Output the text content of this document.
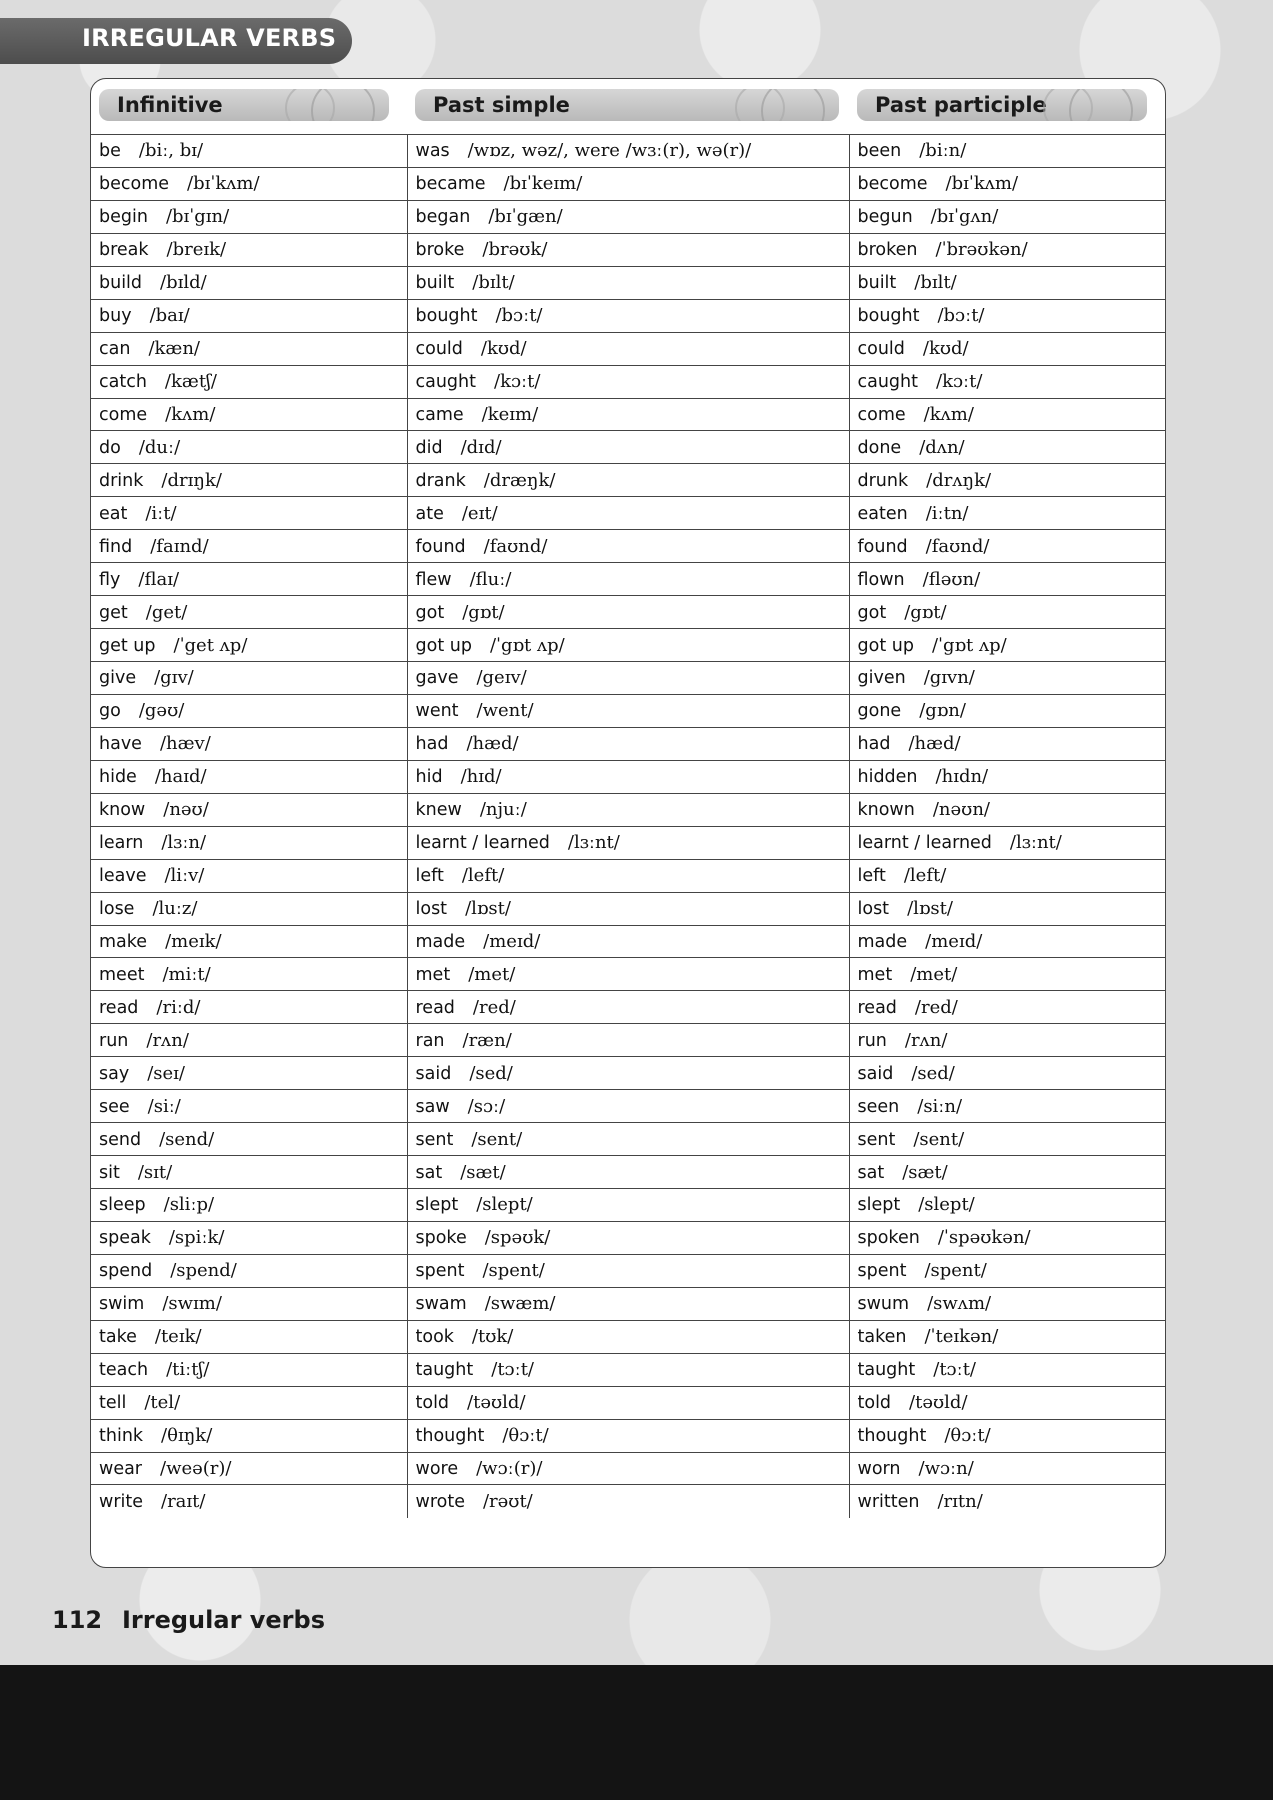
IRREGULAR VERBS
Infinitive	Past simple	Past participle
be /biː, bɪ/	was /wɒz, wəz/, were /wɜː(r), wə(r)/	been /biːn/
become /bɪˈkʌm/	became /bɪˈkeɪm/	become /bɪˈkʌm/
begin /bɪˈgɪn/	began /bɪˈgæn/	begun /bɪˈgʌn/
break /breɪk/	broke /brəʊk/	broken /ˈbrəʊkən/
build /bɪld/	built /bɪlt/	built /bɪlt/
buy /baɪ/	bought /bɔːt/	bought /bɔːt/
can /kæn/	could /kʊd/	could /kʊd/
catch /kætʃ/	caught /kɔːt/	caught /kɔːt/
come /kʌm/	came /keɪm/	come /kʌm/
do /duː/	did /dɪd/	done /dʌn/
drink /drɪŋk/	drank /dræŋk/	drunk /drʌŋk/
eat /iːt/	ate /eɪt/	eaten /iːtn/
find /faɪnd/	found /faʊnd/	found /faʊnd/
fly /flaɪ/	flew /fluː/	flown /fləʊn/
get /get/	got /gɒt/	got /gɒt/
get up /ˈget ʌp/	got up /ˈgɒt ʌp/	got up /ˈgɒt ʌp/
give /gɪv/	gave /geɪv/	given /gɪvn/
go /gəʊ/	went /went/	gone /gɒn/
have /hæv/	had /hæd/	had /hæd/
hide /haɪd/	hid /hɪd/	hidden /hɪdn/
know /nəʊ/	knew /njuː/	known /nəʊn/
learn /lɜːn/	learnt / learned /lɜːnt/	learnt / learned /lɜːnt/
leave /liːv/	left /left/	left /left/
lose /luːz/	lost /lɒst/	lost /lɒst/
make /meɪk/	made /meɪd/	made /meɪd/
meet /miːt/	met /met/	met /met/
read /riːd/	read /red/	read /red/
run /rʌn/	ran /ræn/	run /rʌn/
say /seɪ/	said /sed/	said /sed/
see /siː/	saw /sɔː/	seen /siːn/
send /send/	sent /sent/	sent /sent/
sit /sɪt/	sat /sæt/	sat /sæt/
sleep /sliːp/	slept /slept/	slept /slept/
speak /spiːk/	spoke /spəʊk/	spoken /ˈspəʊkən/
spend /spend/	spent /spent/	spent /spent/
swim /swɪm/	swam /swæm/	swum /swʌm/
take /teɪk/	took /tʊk/	taken /ˈteɪkən/
teach /tiːtʃ/	taught /tɔːt/	taught /tɔːt/
tell /tel/	told /təʊld/	told /təʊld/
think /θɪŋk/	thought /θɔːt/	thought /θɔːt/
wear /weə(r)/	wore /wɔː(r)/	worn /wɔːn/
write /raɪt/	wrote /rəʊt/	written /rɪtn/
112 Irregular verbs
